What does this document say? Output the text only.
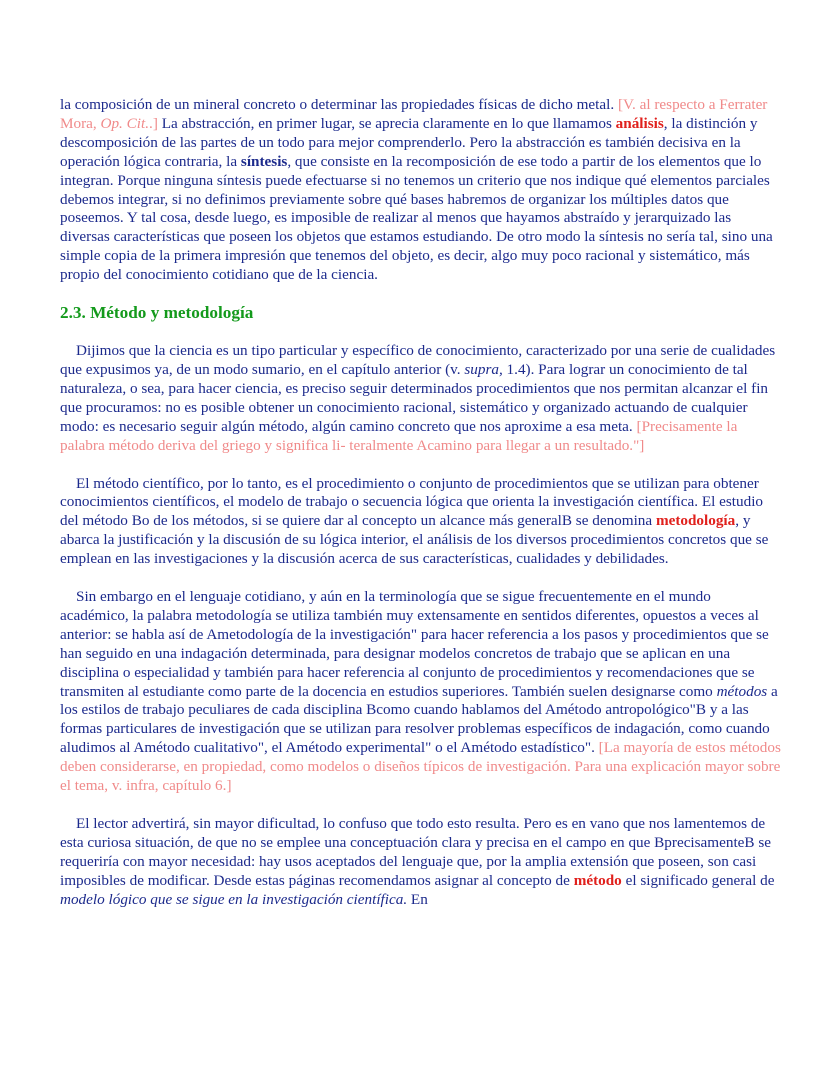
la composición de un mineral concreto o determinar las propiedades físicas de dicho metal. [V. al respecto a Ferrater Mora, Op. Cit..] La abstracción, en primer lugar, se aprecia claramente en lo que llamamos análisis, la distinción y descomposición de las partes de un todo para mejor comprenderlo. Pero la abstracción es también decisiva en la operación lógica contraria, la síntesis, que consiste en la recomposición de ese todo a partir de los elementos que lo integran. Porque ninguna síntesis puede efectuarse si no tenemos un criterio que nos indique qué elementos parciales debemos integrar, si no definimos previamente sobre qué bases habremos de organizar los múltiples datos que poseemos. Y tal cosa, desde luego, es imposible de realizar al menos que hayamos abstraído y jerarquizado las diversas características que poseen los objetos que estamos estudiando. De otro modo la síntesis no sería tal, sino una simple copia de la primera impresión que tenemos del objeto, es decir, algo muy poco racional y sistemático, más propio del conocimiento cotidiano que de la ciencia.

2.3. Método y metodología

Dijimos que la ciencia es un tipo particular y específico de conocimiento, caracterizado por una serie de cualidades que expusimos ya, de un modo sumario, en el capítulo anterior (v. supra, 1.4). Para lograr un conocimiento de tal naturaleza, o sea, para hacer ciencia, es preciso seguir determinados procedimientos que nos permitan alcanzar el fin que procuramos: no es posible obtener un conocimiento racional, sistemático y organizado actuando de cualquier modo: es necesario seguir algún método, algún camino concreto que nos aproxime a esa meta. [Precisamente la palabra método deriva del griego y significa li- teralmente Acamino para llegar a un resultado."]

El método científico, por lo tanto, es el procedimiento o conjunto de procedimientos que se utilizan para obtener conocimientos científicos, el modelo de trabajo o secuencia lógica que orienta la investigación científica. El estudio del método Bo de los métodos, si se quiere dar al concepto un alcance más generalB se denomina metodología, y abarca la justificación y la discusión de su lógica interior, el análisis de los diversos procedimientos concretos que se emplean en las investigaciones y la discusión acerca de sus características, cualidades y debilidades.

Sin embargo en el lenguaje cotidiano, y aún en la terminología que se sigue frecuentemente en el mundo académico, la palabra metodología se utiliza también muy extensamente en sentidos diferentes, opuestos a veces al anterior: se habla así de Ametodología de la investigación" para hacer referencia a los pasos y procedimientos que se han seguido en una indagación determinada, para designar modelos concretos de trabajo que se aplican en una disciplina o especialidad y también para hacer referencia al conjunto de procedimientos y recomendaciones que se transmiten al estudiante como parte de la docencia en estudios superiores. También suelen designarse como métodos a los estilos de trabajo peculiares de cada disciplina Bcomo cuando hablamos del Amétodo antropológico"B y a las formas particulares de investigación que se utilizan para resolver problemas específicos de indagación, como cuando aludimos al Amétodo cualitativo", el Amétodo experimental" o el Amétodo estadístico". [La mayoría de estos métodos deben considerarse, en propiedad, como modelos o diseños típicos de investigación. Para una explicación mayor sobre el tema, v. infra, capítulo 6.]

El lector advertirá, sin mayor dificultad, lo confuso que todo esto resulta. Pero es en vano que nos lamentemos de esta curiosa situación, de que no se emplee una conceptuación clara y precisa en el campo en que BprecisamenteB se requeriría con mayor necesidad: hay usos aceptados del lenguaje que, por la amplia extensión que poseen, son casi imposibles de modificar. Desde estas páginas recomendamos asignar al concepto de método el significado general de modelo lógico que se sigue en la investigación científica. En
